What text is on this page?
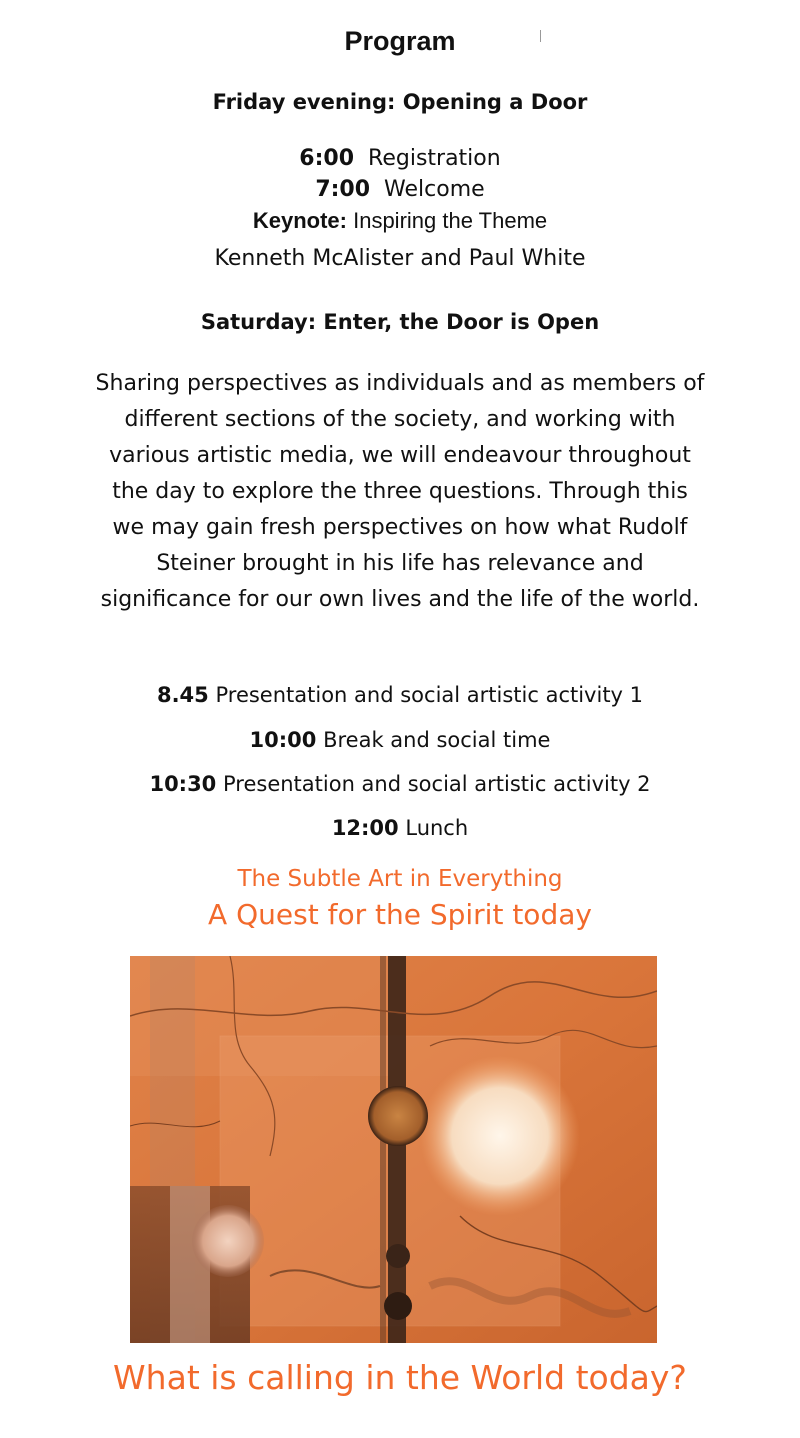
Program
Friday evening: Opening a Door
6:00 Registration
7:00 Welcome
Keynote: Inspiring the Theme
Kenneth McAlister and Paul White
Saturday: Enter, the Door is Open
Sharing perspectives as individuals and as members of
different sections of the society, and working with
various artistic media, we will endeavour throughout
the day to explore the three questions. Through this
we may gain fresh perspectives on how what Rudolf
Steiner brought in his life has relevance and
significance for our own lives and the life of the world.
8.45 Presentation and social artistic activity 1
10:00 Break and social time
10:30 Presentation and social artistic activity 2
12:00 Lunch
The Subtle Art in Everything
A Quest for the Spirit today
What is calling in the World today?
